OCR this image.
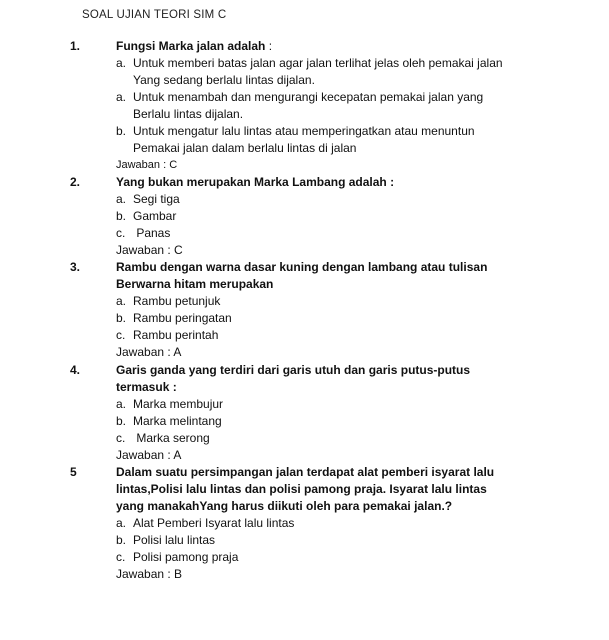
SOAL UJIAN TEORI SIM C
1.	Fungsi Marka jalan adalah :
a. Untuk memberi batas jalan agar jalan terlihat jelas oleh pemakai jalan
Yang sedang berlalu lintas dijalan.
a. Untuk menambah dan mengurangi kecepatan pemakai jalan yang
Berlalu lintas dijalan.
b. Untuk mengatur lalu lintas atau memperingatkan atau menuntun
Pemakai jalan dalam berlalu lintas di jalan
Jawaban : C
2.	Yang bukan merupakan Marka Lambang adalah :
a. Segi tiga
b. Gambar
c. Panas
Jawaban : C
3.	Rambu dengan warna dasar kuning dengan lambang atau tulisan
Berwarna hitam merupakan
a. Rambu petunjuk
b. Rambu peringatan
c. Rambu perintah
Jawaban : A
4.	Garis ganda yang terdiri dari garis utuh dan garis putus-putus
termasuk :
a. Marka membujur
b. Marka melintang
c. Marka serong
Jawaban : A
5	Dalam suatu persimpangan jalan terdapat alat pemberi isyarat lalu
lintas,Polisi lalu lintas dan polisi pamong praja. Isyarat lalu lintas
yang manakahYang harus diikuti oleh para pemakai jalan.?
a. Alat Pemberi Isyarat lalu lintas
b. Polisi lalu lintas
c. Polisi pamong praja
Jawaban : B
